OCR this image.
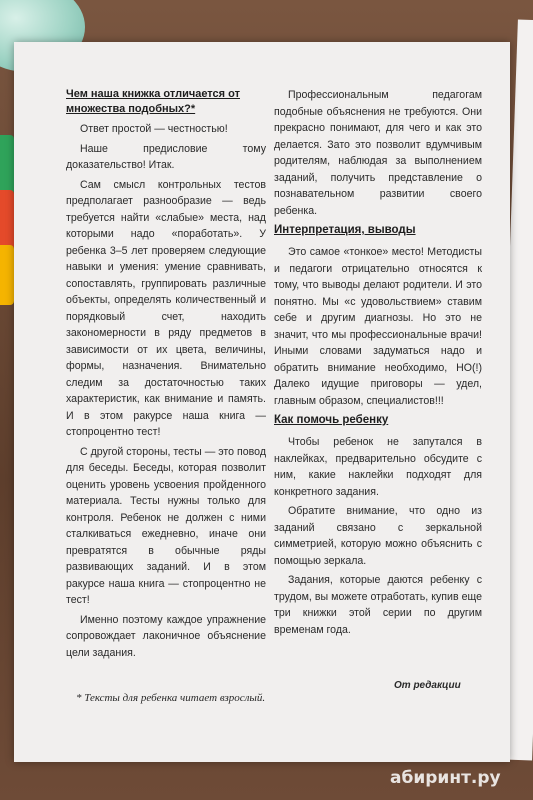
Чем наша книжка отличается от множества подобных?*

Ответ простой — честностью!

Наше предисловие тому доказательство! Итак.

Сам смысл контрольных тестов предполагает разнообразие — ведь требуется найти «слабые» места, над которыми надо «поработать». У ребенка 3–5 лет проверяем следующие навыки и умения: умение сравнивать, сопоставлять, группировать различные объекты, определять количественный и порядковый счет, находить закономерности в ряду предметов в зависимости от их цвета, величины, формы, назначения. Внимательно следим за достаточностью таких характеристик, как внимание и память. И в этом ракурсе наша книга — стопроцентно тест!

С другой стороны, тесты — это повод для беседы. Беседы, которая позволит оценить уровень усвоения пройденного материала. Тесты нужны только для контроля. Ребенок не должен с ними сталкиваться ежедневно, иначе они превратятся в обычные ряды развивающих заданий. И в этом ракурсе наша книга — стопроцентно не тест!

Именно поэтому каждое упражнение сопровождает лаконичное объяснение цели задания.

Профессиональным педагогам подобные объяснения не требуются. Они прекрасно понимают, для чего и как это делается. Зато это позволит вдумчивым родителям, наблюдая за выполнением заданий, получить представление о познавательном развитии своего ребенка.

Интерпретация, выводы

Это самое «тонкое» место! Методисты и педагоги отрицательно относятся к тому, что выводы делают родители. И это понятно. Мы «с удовольствием» ставим себе и другим диагнозы. Но это не значит, что мы профессиональные врачи! Иными словами задуматься надо и обратить внимание необходимо, НО(!) Далеко идущие приговоры — удел, главным образом, специалистов!!!

Как помочь ребенку

Чтобы ребенок не запутался в наклейках, предварительно обсудите с ним, какие наклейки подходят для конкретного задания.

Обратите внимание, что одно из заданий связано с зеркальной симметрией, которую можно объяснить с помощью зеркала.

Задания, которые даются ребенку с трудом, вы можете отработать, купив еще три книжки этой серии по другим временам года.

* Тексты для ребенка читает взрослый.
От редакции
абиринт.ру
